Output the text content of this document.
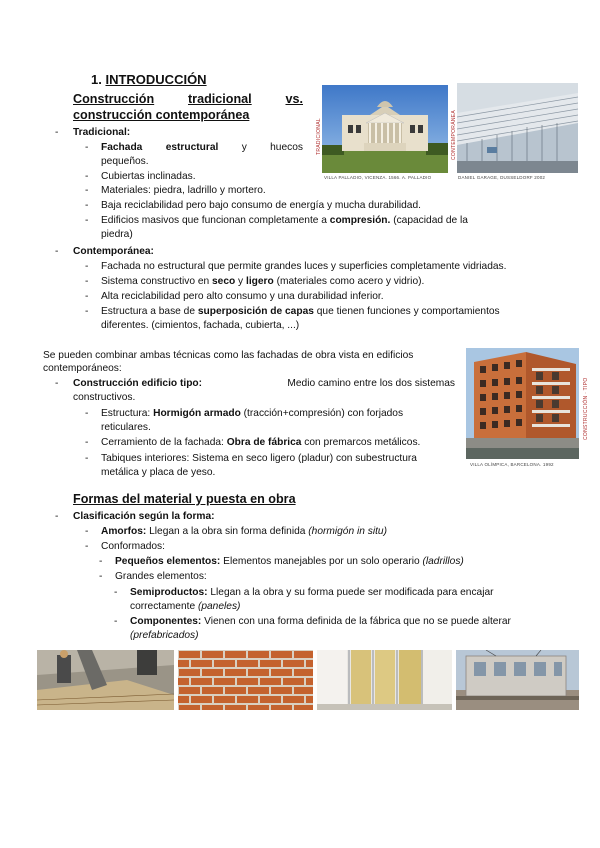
1. INTRODUCCIÓN
Construcción	tradicional	vs.
construcción contemporánea
- Tradicional:
- Fachada estructural y huecos
pequeños.
- Cubiertas inclinadas.
- Materiales: piedra, ladrillo y mortero.
- Baja reciclabilidad pero bajo consumo de energía y mucha durabilidad.
- Edificios masivos que funcionan completamente a compresión. (capacidad de la
piedra)
- Contemporánea:
- Fachada no estructural que permite grandes luces y superficies completamente vidriadas.
- Sistema constructivo en seco y ligero (materiales como acero y vidrio).
- Alta reciclabilidad pero alto consumo y una durabilidad inferior.
- Estructura a base de superposición de capas que tienen funciones y comportamientos
diferentes. (cimientos, fachada, cubierta, ...)
Se pueden combinar ambas técnicas como las fachadas de obra vista en edificios
contemporáneos:
- Construcción edificio tipo:	Medio camino entre los dos sistemas
constructivos.
- Estructura: Hormigón armado (tracción+compresión) con forjados
reticulares.
- Cerramiento de la fachada: Obra de fábrica con premarcos metálicos.
- Tabiques interiores: Sistema en seco ligero (pladur) con subestructura
metálica y placa de yeso.
Formas del material y puesta en obra
- Clasificación según la forma:
- Amorfos: Llegan a la obra sin forma definida (hormigón in situ)
- Conformados:
- Pequeños elementos: Elementos manejables por un solo operario (ladrillos)
- Grandes elementos:
- Semiproductos: Llegan a la obra y su forma puede ser modificada para encajar
correctamente (paneles)
- Componentes: Vienen con una forma definida de la fábrica que no se puede alterar
(prefabricados)
VILLA PALLADIO, VICENZA. 1566. A. PALLADIO
TRADICIONAL
DANIEL GARAGE, DUSSELDORF 2002
CONTEMPORÁNEA
VILLA OLÍMPICA, BARCELONA. 1992
CONSTRUCCIÓN · TIPO
